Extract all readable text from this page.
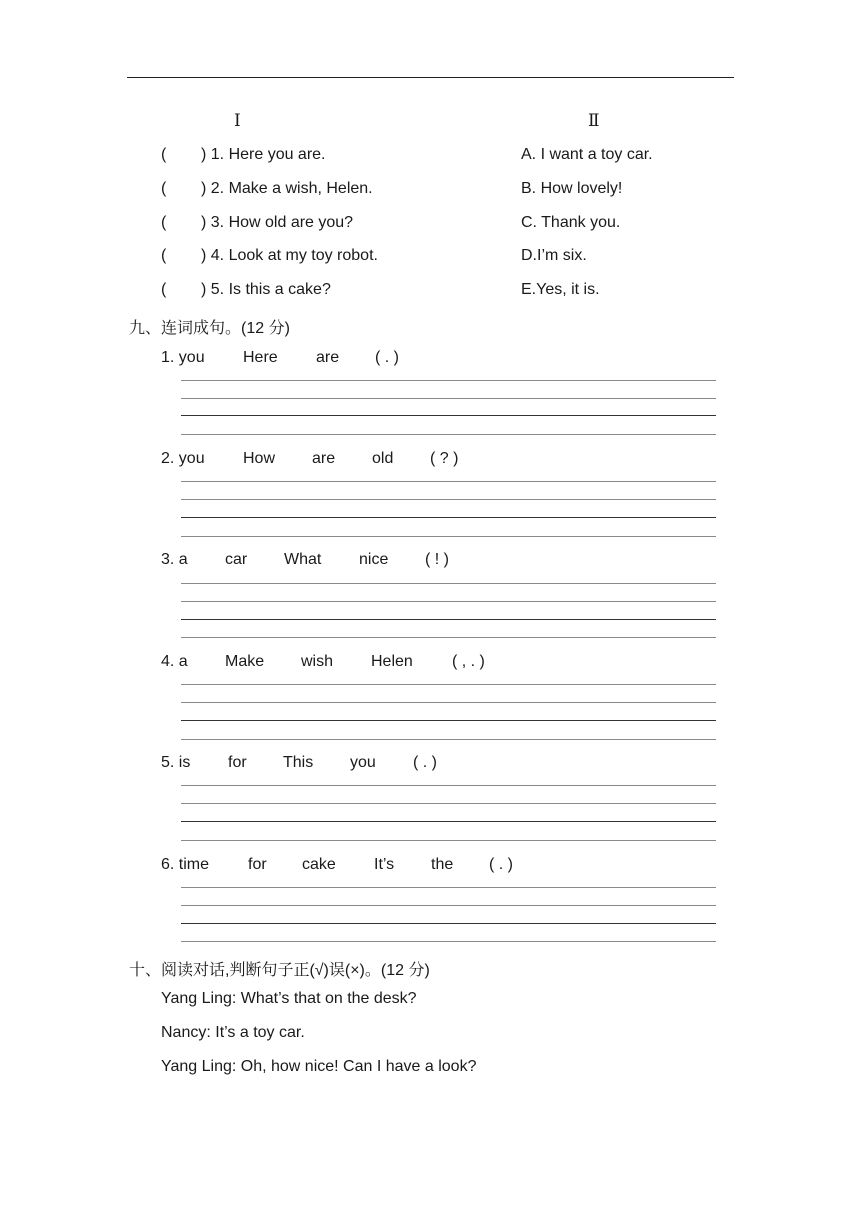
Ⅰ	Ⅱ
( ) 1. Here you are.	A. I want a toy car.
( ) 2. Make a wish, Helen.	B. How lovely!
( ) 3. How old are you?	C. Thank you.
( ) 4. Look at my toy robot.	D.I’m six.
( ) 5. Is this a cake?	E.Yes, it is.
九、连词成句。(12 分)
1. you Here are ( . )
2. you How are old ( ? )
3. a car What nice ( ! )
4. a Make wish Helen ( , . )
5. is for This you ( . )
6. time for cake It’s the ( . )
十、阅读对话,判断句子正(√)误(×)。(12 分)
Yang Ling: What’s that on the desk?
Nancy: It’s a toy car.
Yang Ling: Oh, how nice! Can I have a look?
